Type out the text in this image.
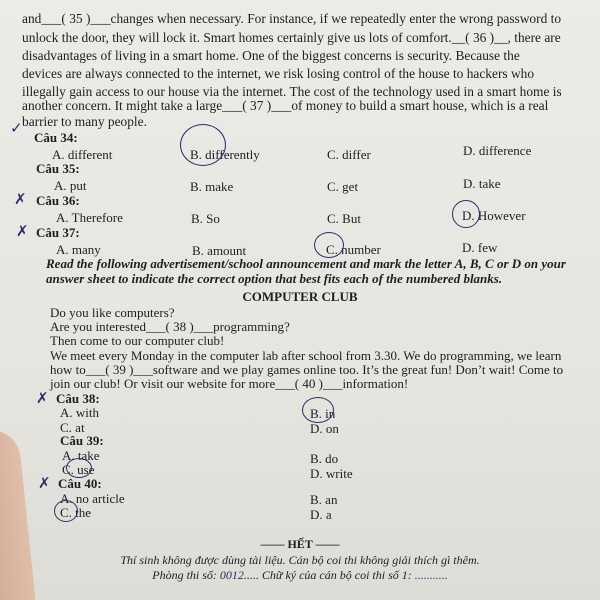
and___( 35 )___changes when necessary. For instance, if we repeatedly enter the wrong password to
unlock the door, they will lock it. Smart homes certainly give us lots of comfort.__( 36 )__, there are
disadvantages of living in a smart home. One of the biggest concerns is security. Because the
devices are always connected to the internet, we risk losing control of the house to hackers who
illegally gain access to our house via the internet. The cost of the technology used in a smart home is
another concern. It might take a large___( 37 )___of money to build a smart house, which is a real
barrier to many people.
✓
Câu 34:
A. different	B. differently	C. differ	D. difference
Câu 35:
A. put	B. make	C. get	D. take
✗ Câu 36:
A. Therefore	B. So	C. But	D. However
✗ Câu 37:
A. many	B. amount	C. number	D. few
Read the following advertisement/school announcement and mark the letter A, B, C or D on your
answer sheet to indicate the correct option that best fits each of the numbered blanks.
COMPUTER CLUB
Do you like computers?
Are you interested___( 38 )___programming?
Then come to our computer club!
We meet every Monday in the computer lab after school from 3.30. We do programming, we learn
how to___( 39 )___software and we play games online too. It’s the great fun! Don’t wait! Come to
join our club! Or visit our website for more___( 40 )___information!
✗ Câu 38:
A. with	B. in
C. at	D. on
Câu 39:
A. take	B. do
C. use	D. write
✗ Câu 40:
A. no article	B. an
C. the	D. a
—— HẾT ——
Thí sinh không được dùng tài liệu. Cán bộ coi thi không giải thích gì thêm.
Phòng thi số: 0012..... Chữ ký của cán bộ coi thi số 1: ...........
